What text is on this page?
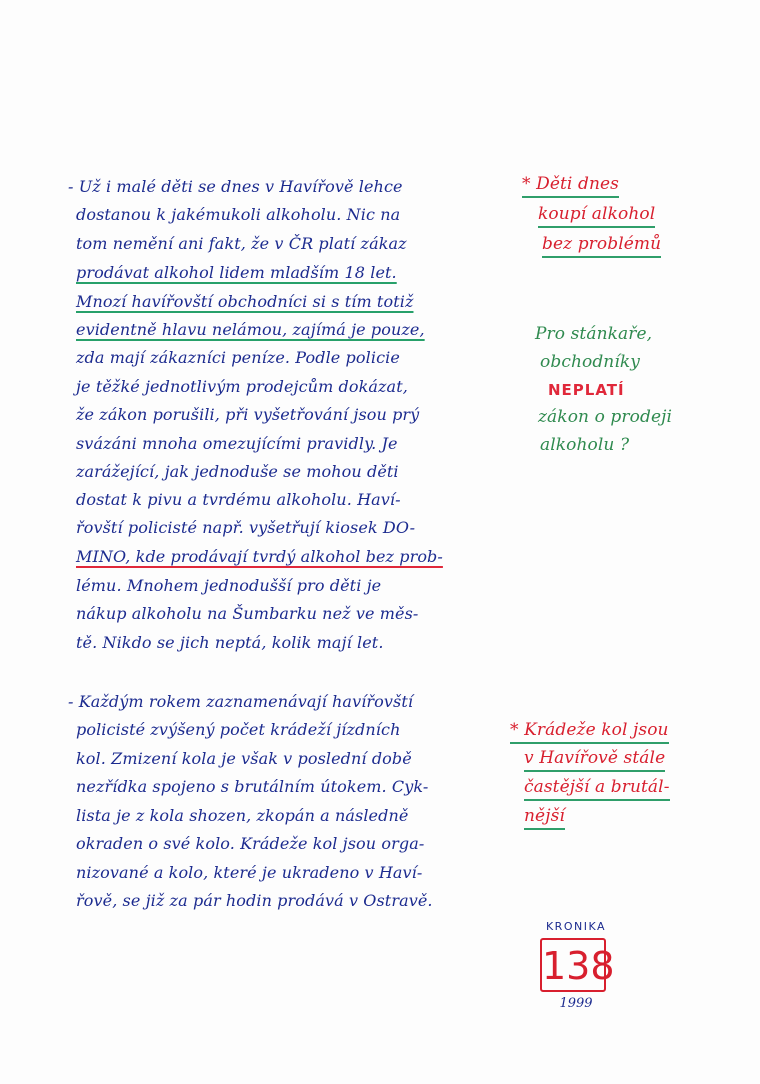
- Už i malé děti se dnes v Havířově lehce
dostanou k jakémukoli alkoholu. Nic na
tom nemění ani fakt, že v ČR platí zákaz
prodávat alkohol lidem mladším 18 let.
Mnozí havířovští obchodníci si s tím totiž
evidentně hlavu nelámou, zajímá je pouze,
zda mají zákazníci peníze. Podle policie
je těžké jednotlivým prodejcům dokázat,
že zákon porušili, při vyšetřování jsou prý
svázáni mnoha omezujícími pravidly. Je
zarážející, jak jednoduše se mohou děti
dostat k pivu a tvrdému alkoholu. Haví-
řovští policisté např. vyšetřují kiosek DO-
MINO, kde prodávají tvrdý alkohol bez prob-
lému. Mnohem jednodušší pro děti je
nákup alkoholu na Šumbarku než ve měs-
tě. Nikdo se jich neptá, kolik mají let.
- Každým rokem zaznamenávají havířovští
policisté zvýšený počet krádeží jízdních
kol. Zmizení kola je však v poslední době
nezřídka spojeno s brutálním útokem. Cyk-
lista je z kola shozen, zkopán a následně
okraden o své kolo. Krádeže kol jsou orga-
nizované a kolo, které je ukradeno v Haví-
řově, se již za pár hodin prodává v Ostravě.
* Děti dnes
koupí alkohol
bez problémů
Pro stánkaře,
obchodníky
NEPLATÍ
zákon o prodeji
alkoholu ?
* Krádeže kol jsou
v Havířově stále
častější a brutál-
nější
KRONIKA
138
1999
